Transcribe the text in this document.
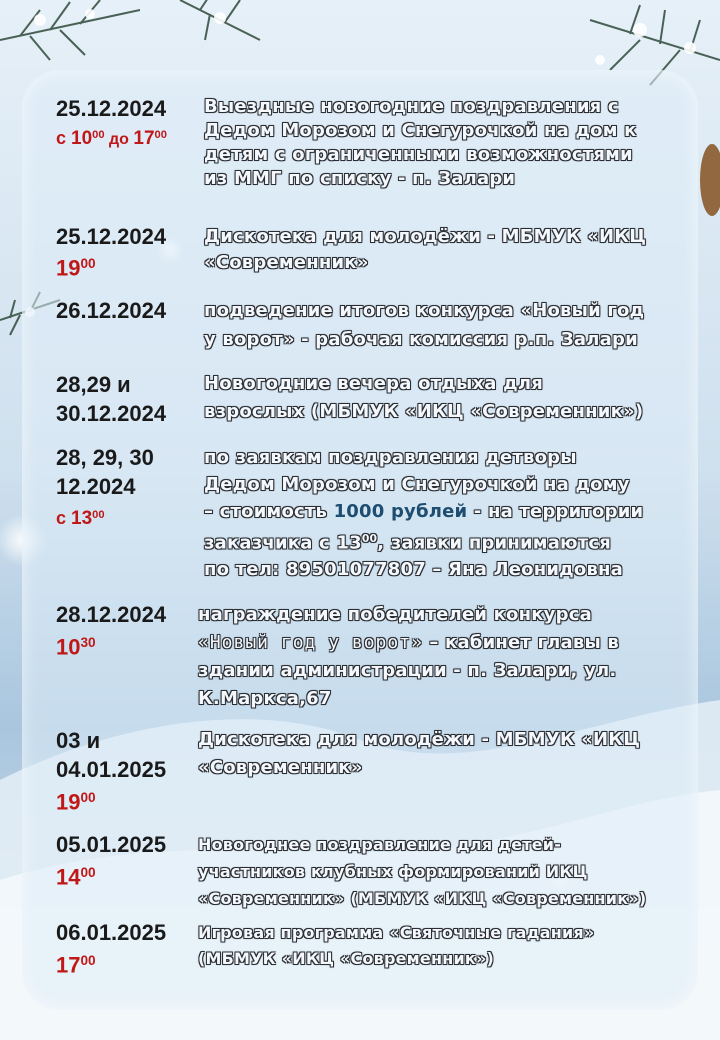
25.12.2024
с $10^{00}$ до $17^{00}$
Выездные новогодние поздравления с
Дедом Морозом и Снегурочкой на дом к
детям с ограниченными возможностями
из ММГ по списку - п. Залари
25.12.2024
$19^{00}$
Дискотека для молодёжи - МБМУК «ИКЦ
«Современник»
26.12.2024	подведение итогов конкурса «Новый год
у ворот» - рабочая комиссия р.п. Залари
28,29 и
30.12.2024
Новогодние вечера отдыха для
взрослых (МБМУК «ИКЦ «Современник»)
28, 29, 30
12.2024
с $13^{00}$
по заявкам поздравления детворы
Дедом Морозом и Снегурочкой на дому
– стоимость 1000 рублей - на территории
заказчика с $13^{00}$, заявки принимаются
по тел: 89501077807 – Яна Леонидовна
28.12.2024
$10^{30}$
награждение победителей конкурса
«Новый год у ворот» – кабинет главы в
здании администрации - п. Залари, ул.
К.Маркса,67
03 и
04.01.2025
$19^{00}$
Дискотека для молодёжи - МБМУК «ИКЦ
«Современник»
05.01.2025
$14^{00}$
Новогоднее поздравление для детей-
участников клубных формирований ИКЦ
«Современник» (МБМУК «ИКЦ «Современник»)
06.01.2025
$17^{00}$
Игровая программа «Святочные гадания»
(МБМУК «ИКЦ «Современник»)
